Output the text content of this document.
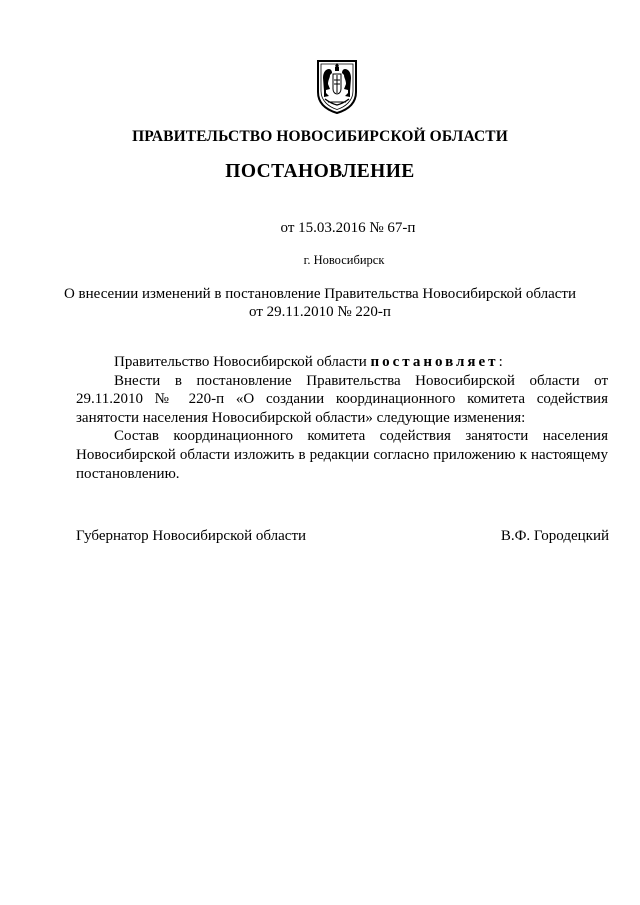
ПРАВИТЕЛЬСТВО НОВОСИБИРСКОЙ ОБЛАСТИ
ПОСТАНОВЛЕНИЕ
от 15.03.2016 № 67-п
г. Новосибирск
О внесении изменений в постановление Правительства Новосибирской области
от 29.11.2010 № 220-п

Правительство Новосибирской области постановляет:

Внести в постановление Правительства Новосибирской области от 29.11.2010 № 220-п «О создании координационного комитета содействия занятости населения Новосибирской области» следующие изменения:

Состав координационного комитета содействия занятости населения Новосибирской области изложить в редакции согласно приложению к настоящему постановлению.

Губернатор Новосибирской области	В.Ф. Городецкий
